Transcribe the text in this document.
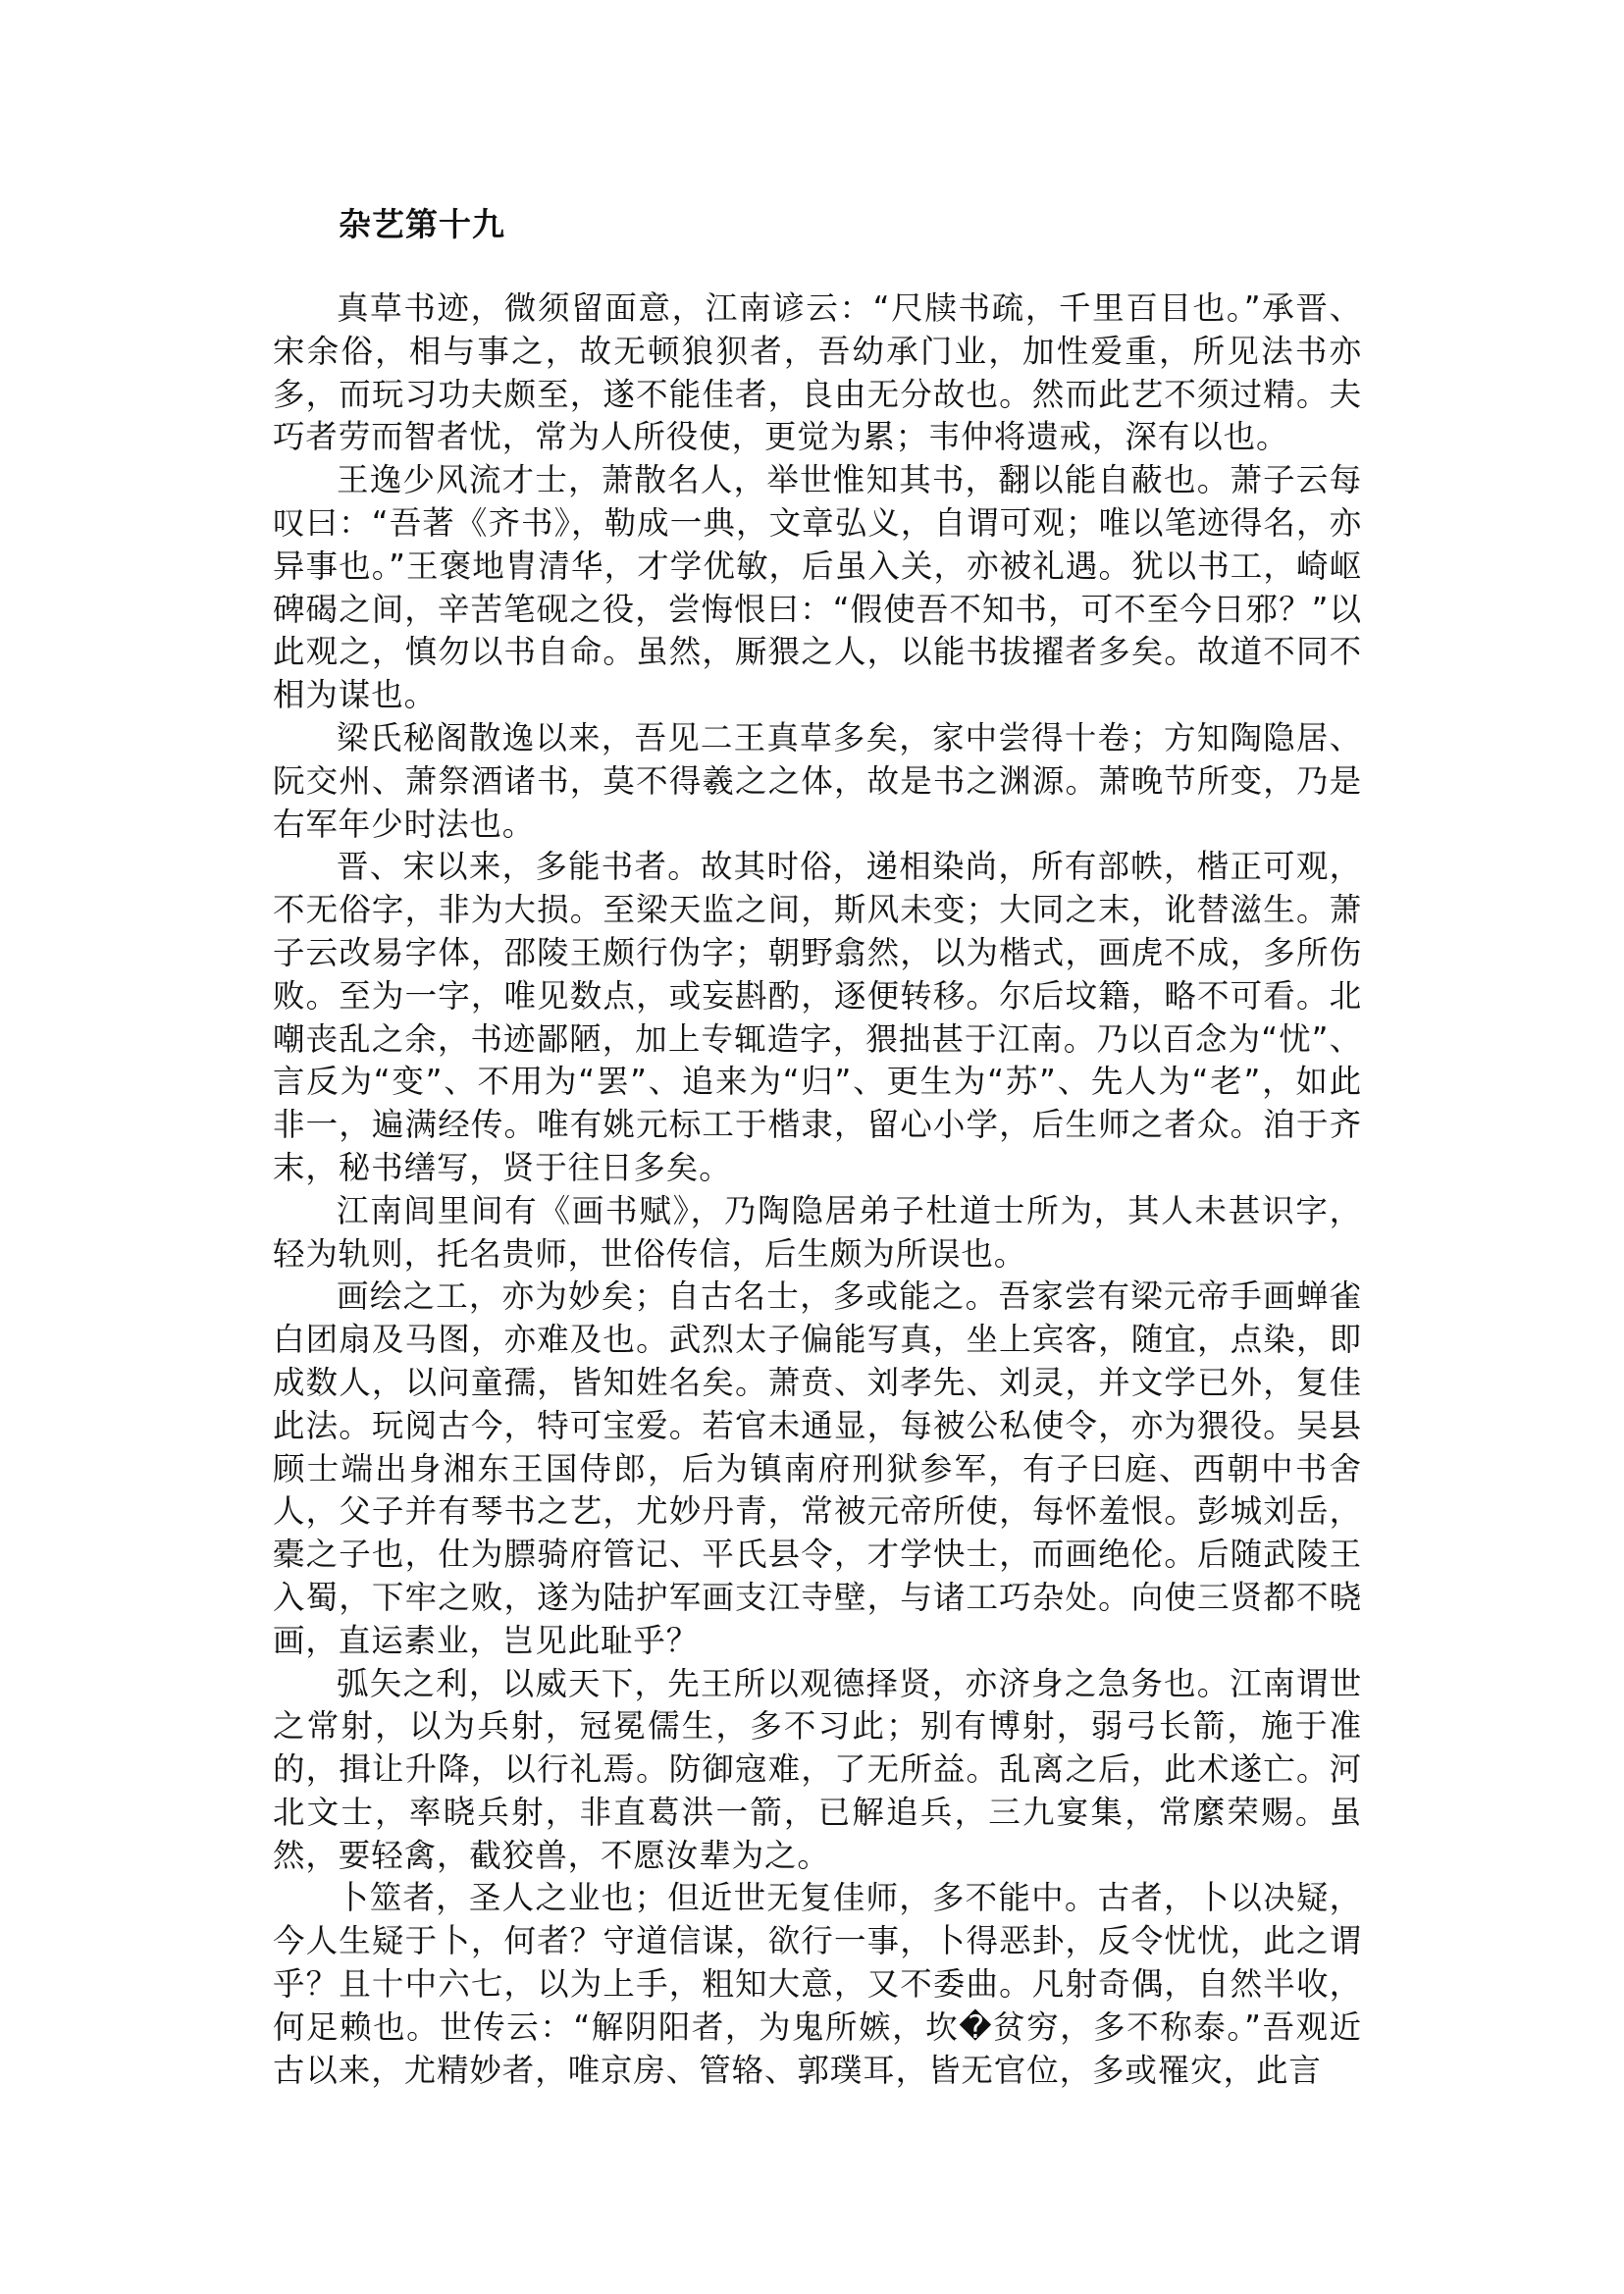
杂艺第十九

真草书迹，微须留面意，江南谚云：“尺牍书疏，千里百目也。”承晋、宋余俗，相与事之，故无顿狼狈者，吾幼承门业，加性爱重，所见法书亦多，而玩习功夫颇至，遂不能佳者，良由无分故也。然而此艺不须过精。夫巧者劳而智者忧，常为人所役使，更觉为累；韦仲将遗戒，深有以也。

王逸少风流才士，萧散名人，举世惟知其书，翻以能自蔽也。萧子云每叹曰：“吾著《齐书》，勒成一典，文章弘义，自谓可观；唯以笔迹得名，亦异事也。”王褒地胄清华，才学优敏，后虽入关，亦被礼遇。犹以书工，崎岖碑碣之间，辛苦笔砚之役，尝悔恨曰：“假使吾不知书，可不至今日邪？”以此观之，慎勿以书自命。虽然，厮猥之人，以能书拔擢者多矣。故道不同不相为谋也。

梁氏秘阁散逸以来，吾见二王真草多矣，家中尝得十卷；方知陶隐居、阮交州、萧祭酒诸书，莫不得羲之之体，故是书之渊源。萧晚节所变，乃是右军年少时法也。

晋、宋以来，多能书者。故其时俗，递相染尚，所有部帙，楷正可观，不无俗字，非为大损。至梁天监之间，斯风未变；大同之末，讹替滋生。萧子云改易字体，邵陵王颇行伪字；朝野翕然，以为楷式，画虎不成，多所伤败。至为一字，唯见数点，或妄斟酌，逐便转移。尔后坟籍，略不可看。北嘲丧乱之余，书迹鄙陋，加上专辄造字，猥拙甚于江南。乃以百念为“忧”、言反为“变”、不用为“罢”、追来为“归”、更生为“苏”、先人为“老”，如此非一，遍满经传。唯有姚元标工于楷隶，留心小学，后生师之者众。洎于齐末，秘书缮写，贤于往日多矣。

江南闾里间有《画书赋》，乃陶隐居弟子杜道士所为，其人未甚识字，轻为轨则，托名贵师，世俗传信，后生颇为所误也。

画绘之工，亦为妙矣；自古名士，多或能之。吾家尝有梁元帝手画蝉雀白团扇及马图，亦难及也。武烈太子偏能写真，坐上宾客，随宜，点染，即成数人，以问童孺，皆知姓名矣。萧贲、刘孝先、刘灵，并文学已外，复佳此法。玩阅古今，特可宝爱。若官未通显，每被公私使令，亦为猥役。吴县顾士端出身湘东王国侍郎，后为镇南府刑狱参军，有子曰庭、西朝中书舍人，父子并有琴书之艺，尤妙丹青，常被元帝所使，每怀羞恨。彭城刘岳，橐之子也，仕为膘骑府管记、平氏县令，才学快士，而画绝伦。后随武陵王入蜀，下牢之败，遂为陆护军画支江寺壁，与诸工巧杂处。向使三贤都不晓画，直运素业，岂见此耻乎？

弧矢之利，以威天下，先王所以观德择贤，亦济身之急务也。江南谓世之常射，以为兵射，冠冕儒生，多不习此；别有博射，弱弓长箭，施于准的，揖让升降，以行礼焉。防御寇难，了无所益。乱离之后，此术遂亡。河北文士，率晓兵射，非直葛洪一箭，已解追兵，三九宴集，常縻荣赐。虽然，要轻禽，截狡兽，不愿汝辈为之。

卜筮者，圣人之业也；但近世无复佳师，多不能中。古者，卜以决疑，今人生疑于卜，何者？守道信谋，欲行一事，卜得恶卦，反令忧忧，此之谓乎？且十中六七，以为上手，粗知大意，又不委曲。凡射奇偶，自然半收，何足赖也。世传云：“解阴阳者，为鬼所嫉，坎�贫穷，多不称泰。”吾观近古以来，尤精妙者，唯京房、管辂、郭璞耳，皆无官位，多或罹灾，此言
